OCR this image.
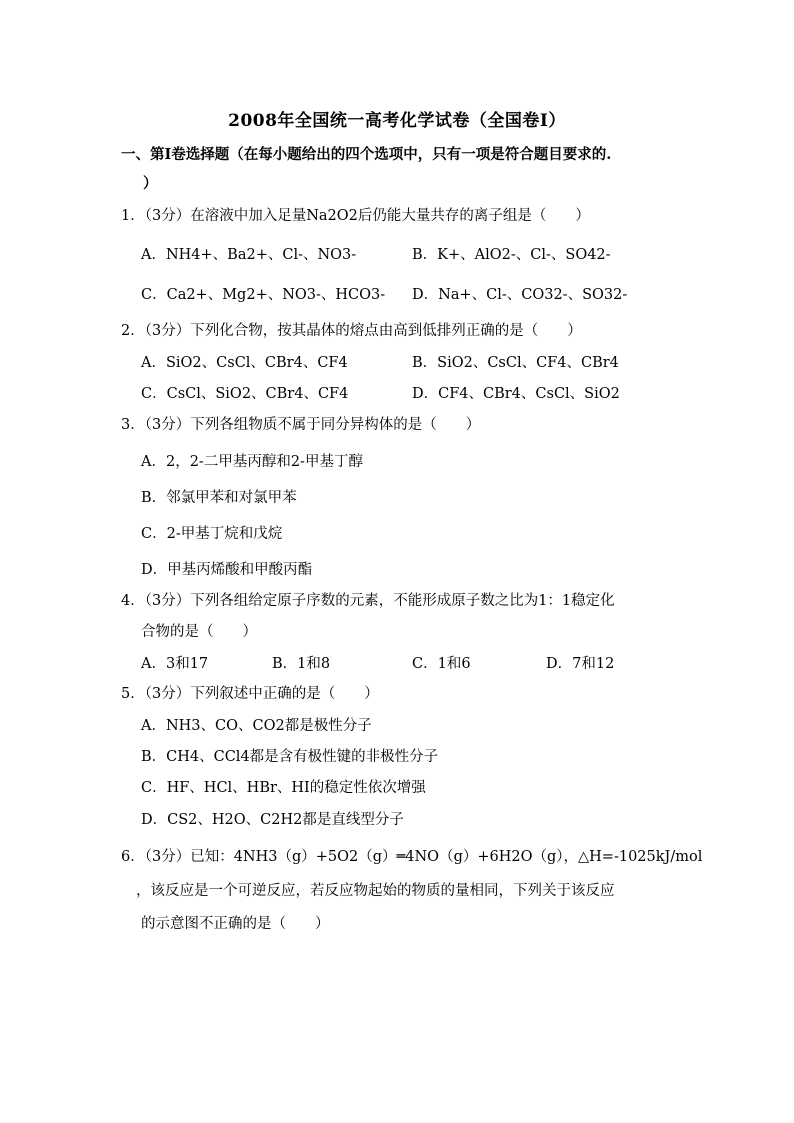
2008年全国统一高考化学试卷（全国卷Ⅰ）
一、第Ⅰ卷选择题（在每小题给出的四个选项中，只有一项是符合题目要求的.
）
1．（3分）在溶液中加入足量Na2O2后仍能大量共存的离子组是（　　）
A．NH4+、Ba2+、Cl-、NO3-	B．K+、AlO2-、Cl-、SO42-
C．Ca2+、Mg2+、NO3-、HCO3- D．Na+、Cl-、CO32-、SO32-
2．（3分）下列化合物，按其晶体的熔点由高到低排列正确的是（　　）
A．SiO2、CsCl、CBr4、CF4	B．SiO2、CsCl、CF4、CBr4
C．CsCl、SiO2、CBr4、CF4	D．CF4、CBr4、CsCl、SiO2
3．（3分）下列各组物质不属于同分异构体的是（　　）
A．2，2-二甲基丙醇和2-甲基丁醇
B．邻氯甲苯和对氯甲苯
C．2-甲基丁烷和戊烷
D．甲基丙烯酸和甲酸丙酯
4．（3分）下列各组给定原子序数的元素，不能形成原子数之比为1：1稳定化
合物的是（　　）
A．3和17	B．1和8	C．1和6	D．7和12
5．（3分）下列叙述中正确的是（　　）
A．NH3、CO、CO2都是极性分子
B．CH4、CCl4都是含有极性键的非极性分子
C．HF、HCl、HBr、HI的稳定性依次增强
D．CS2、H2O、C2H2都是直线型分子
6．（3分）已知：4NH3（g）+5O2（g）═4NO（g）+6H2O（g），△H=-1025kJ/mol
，该反应是一个可逆反应，若反应物起始的物质的量相同，下列关于该反应
的示意图不正确的是（　　）
